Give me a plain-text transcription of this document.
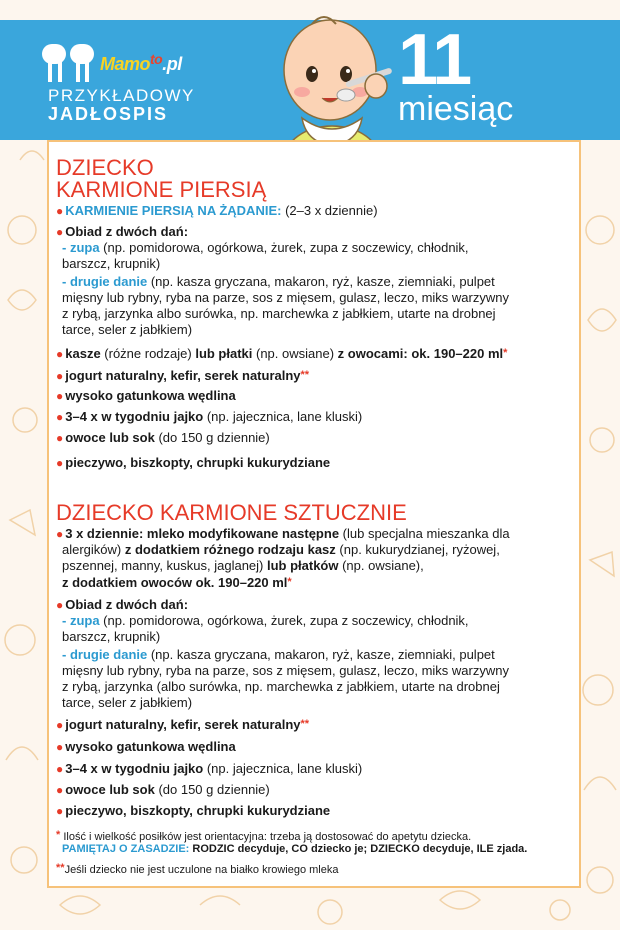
Mamo$^{to}$.pl
PRZYKŁADOWY
JADŁOSPIS
11
miesiąc
DZIECKO
KARMIONE PIERSIĄ
● KARMIENIE PIERSIĄ NA ŻĄDANIE: (2–3 x dziennie)
● Obiad z dwóch dań:
- zupa (np. pomidorowa, ogórkowa, żurek, zupa z soczewicy, chłodnik,
barszcz, krupnik)
- drugie danie (np. kasza gryczana, makaron, ryż, kasze, ziemniaki, pulpet
mięsny lub rybny, ryba na parze, sos z mięsem, gulasz, leczo, miks warzywny
z rybą, jarzynka albo surówka, np. marchewka z jabłkiem, utarte na drobnej
tarce, seler z jabłkiem)
● kasze (różne rodzaje) lub płatki (np. owsiane) z owocami: ok. 190–220 ml*
● jogurt naturalny, kefir, serek naturalny**
● wysoko gatunkowa wędlina
● 3–4 x w tygodniu jajko (np. jajecznica, lane kluski)
● owoce lub sok (do 150 g dziennie)
● pieczywo, biszkopty, chrupki kukurydziane
DZIECKO KARMIONE SZTUCZNIE
● 3 x dziennie: mleko modyfikowane następne (lub specjalna mieszanka dla
alergików) z dodatkiem różnego rodzaju kasz (np. kukurydzianej, ryżowej,
pszennej, manny, kuskus, jaglanej) lub płatków (np. owsiane),
z dodatkiem owoców ok. 190–220 ml*
● Obiad z dwóch dań:
- zupa (np. pomidorowa, ogórkowa, żurek, zupa z soczewicy, chłodnik,
barszcz, krupnik)
- drugie danie (np. kasza gryczana, makaron, ryż, kasze, ziemniaki, pulpet
mięsny lub rybny, ryba na parze, sos z mięsem, gulasz, leczo, miks warzywny
z rybą, jarzynka (albo surówka, np. marchewka z jabłkiem, utarte na drobnej
tarce, seler z jabłkiem)
● jogurt naturalny, kefir, serek naturalny**
● wysoko gatunkowa wędlina
● 3–4 x w tygodniu jajko (np. jajecznica, lane kluski)
● owoce lub sok (do 150 g dziennie)
● pieczywo, biszkopty, chrupki kukurydziane
* Ilość i wielkość posiłków jest orientacyjna: trzeba ją dostosować do apetytu dziecka.
PAMIĘTAJ O ZASADZIE: RODZIC decyduje, CO dziecko je; DZIECKO decyduje, ILE zjada.
**Jeśli dziecko nie jest uczulone na białko krowiego mleka
